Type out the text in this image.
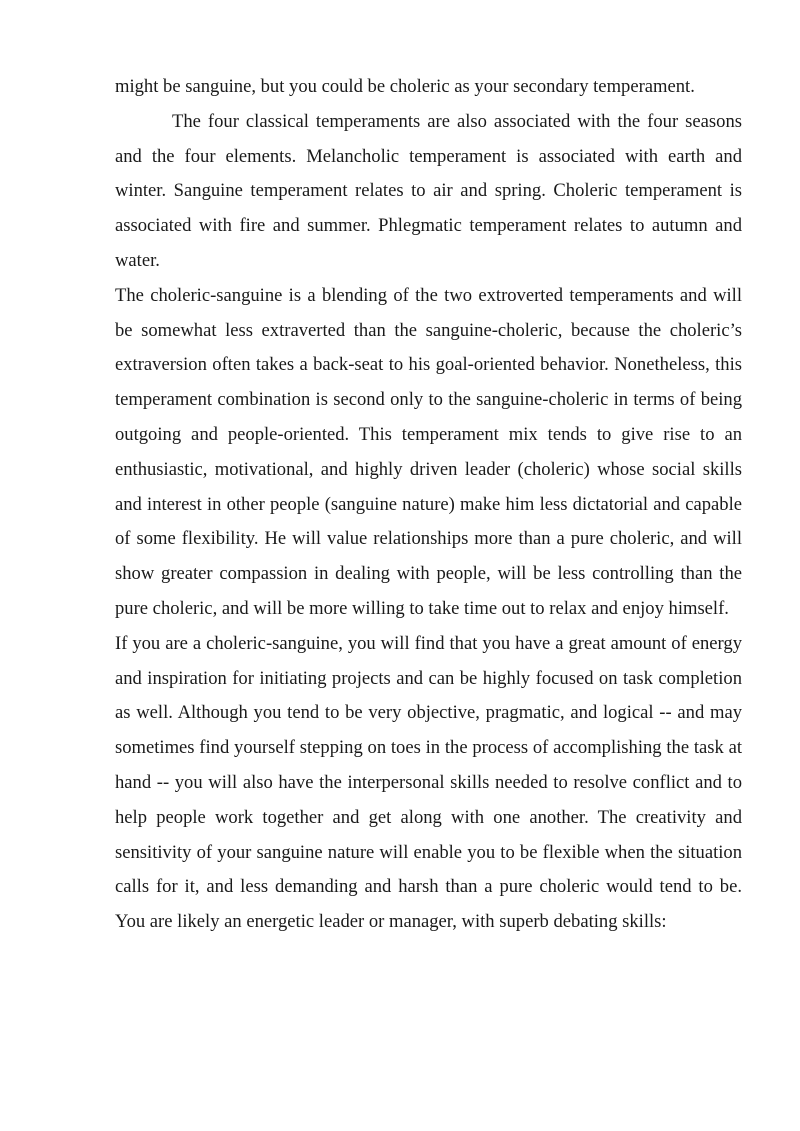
might be sanguine, but you could be choleric as your secondary temperament.

The four classical temperaments are also associated with the four seasons and the four elements. Melancholic temperament is associated with earth and winter. Sanguine temperament relates to air and spring. Choleric temperament is associated with fire and summer. Phlegmatic temperament relates to autumn and water.

The choleric-sanguine is a blending of the two extroverted temperaments and will be somewhat less extraverted than the sanguine-choleric, because the choleric’s extraversion often takes a back-seat to his goal-oriented behavior. Nonetheless, this temperament combination is second only to the sanguine-choleric in terms of being outgoing and people-oriented. This temperament mix tends to give rise to an enthusiastic, motivational, and highly driven leader (choleric) whose social skills and interest in other people (sanguine nature) make him less dictatorial and capable of some flexibility. He will value relationships more than a pure choleric, and will show greater compassion in dealing with people, will be less controlling than the pure choleric, and will be more willing to take time out to relax and enjoy himself.

If you are a choleric-sanguine, you will find that you have a great amount of energy and inspiration for initiating projects and can be highly focused on task completion as well. Although you tend to be very objective, pragmatic, and logical -- and may sometimes find yourself stepping on toes in the process of accomplishing the task at hand -- you will also have the interpersonal skills needed to resolve conflict and to help people work together and get along with one another. The creativity and sensitivity of your sanguine nature will enable you to be flexible when the situation calls for it, and less demanding and harsh than a pure choleric would tend to be. You are likely an energetic leader or manager, with superb debating skills:
